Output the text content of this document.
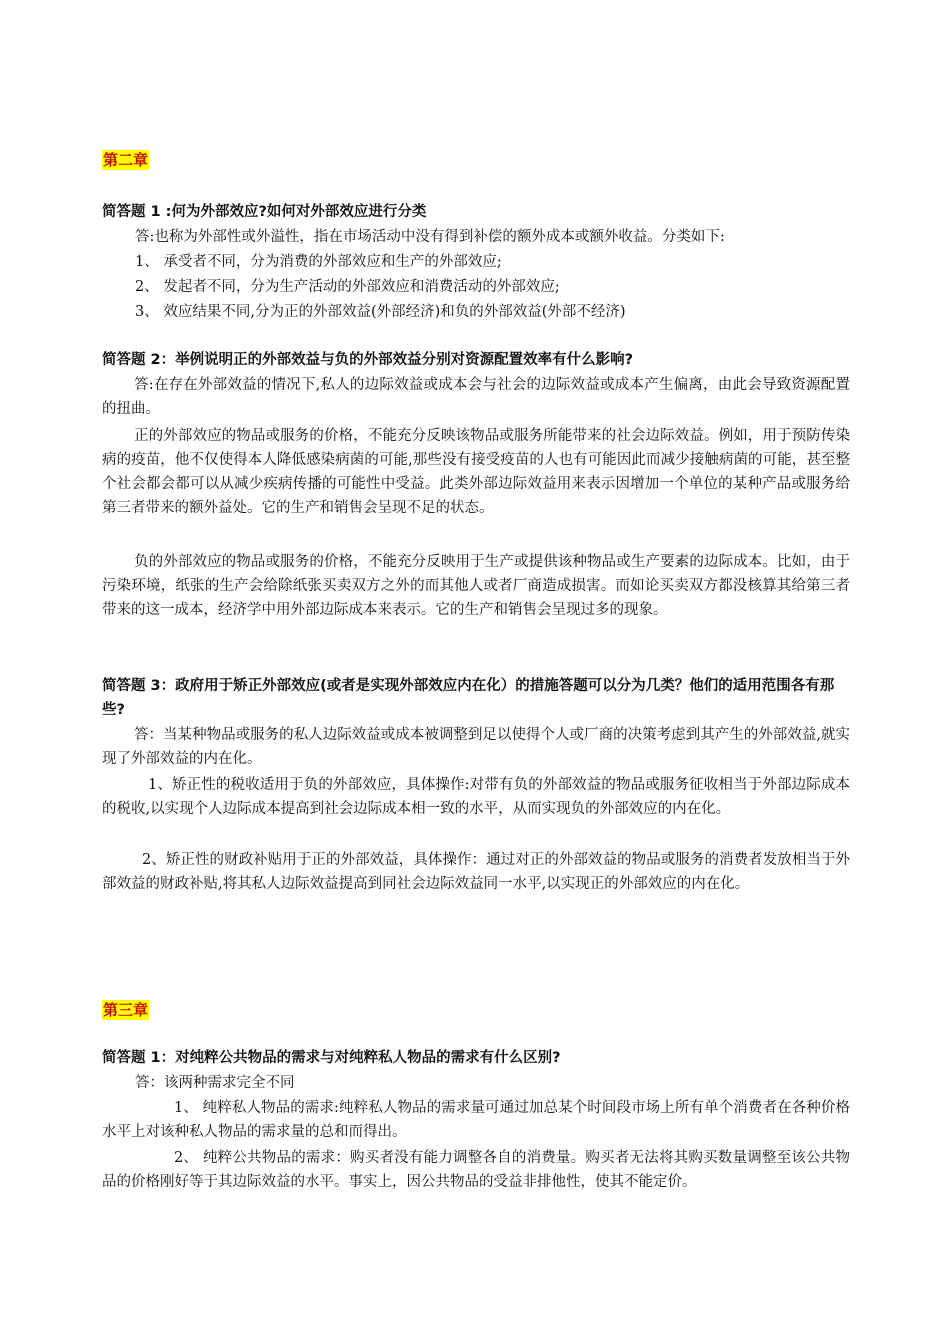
第二章

简答题 1 :何为外部效应?如何对外部效应进行分类

答:也称为外部性或外溢性，指在市场活动中没有得到补偿的额外成本或额外收益。分类如下:

1、 承受者不同，分为消费的外部效应和生产的外部效应;

2、 发起者不同，分为生产活动的外部效应和消费活动的外部效应;

3、 效应结果不同,分为正的外部效益(外部经济)和负的外部效益(外部不经济)

简答题 2：举例说明正的外部效益与负的外部效益分别对资源配置效率有什么影响?

答:在存在外部效益的情况下,私人的边际效益或成本会与社会的边际效益或成本产生偏离，由此会导致资源配置的扭曲。

正的外部效应的物品或服务的价格，不能充分反映该物品或服务所能带来的社会边际效益。例如，用于预防传染病的疫苗，他不仅使得本人降低感染病菌的可能,那些没有接受疫苗的人也有可能因此而减少接触病菌的可能，甚至整个社会都会都可以从减少疾病传播的可能性中受益。此类外部边际效益用来表示因增加一个单位的某种产品或服务给第三者带来的额外益处。它的生产和销售会呈现不足的状态。

负的外部效应的物品或服务的价格，不能充分反映用于生产或提供该种物品或生产要素的边际成本。比如，由于污染环境，纸张的生产会给除纸张买卖双方之外的而其他人或者厂商造成损害。而如论买卖双方都没核算其给第三者带来的这一成本，经济学中用外部边际成本来表示。它的生产和销售会呈现过多的现象。

简答题 3：政府用于矫正外部效应(或者是实现外部效应内在化）的措施答题可以分为几类？他们的适用范围各有那些?

答：当某种物品或服务的私人边际效益或成本被调整到足以使得个人或厂商的决策考虑到其产生的外部效益,就实现了外部效益的内在化。

1、矫正性的税收适用于负的外部效应，具体操作:对带有负的外部效益的物品或服务征收相当于外部边际成本的税收,以实现个人边际成本提高到社会边际成本相一致的水平，从而实现负的外部效应的内在化。

2、矫正性的财政补贴用于正的外部效益，具体操作：通过对正的外部效益的物品或服务的消费者发放相当于外部效益的财政补贴,将其私人边际效益提高到同社会边际效益同一水平,以实现正的外部效应的内在化。

第三章

简答题 1：对纯粹公共物品的需求与对纯粹私人物品的需求有什么区别?

答：该两种需求完全不同

1、 纯粹私人物品的需求:纯粹私人物品的需求量可通过加总某个时间段市场上所有单个消费者在各种价格水平上对该种私人物品的需求量的总和而得出。

2、 纯粹公共物品的需求：购买者没有能力调整各自的消费量。购买者无法将其购买数量调整至该公共物品的价格刚好等于其边际效益的水平。事实上，因公共物品的受益非排他性，使其不能定价。
